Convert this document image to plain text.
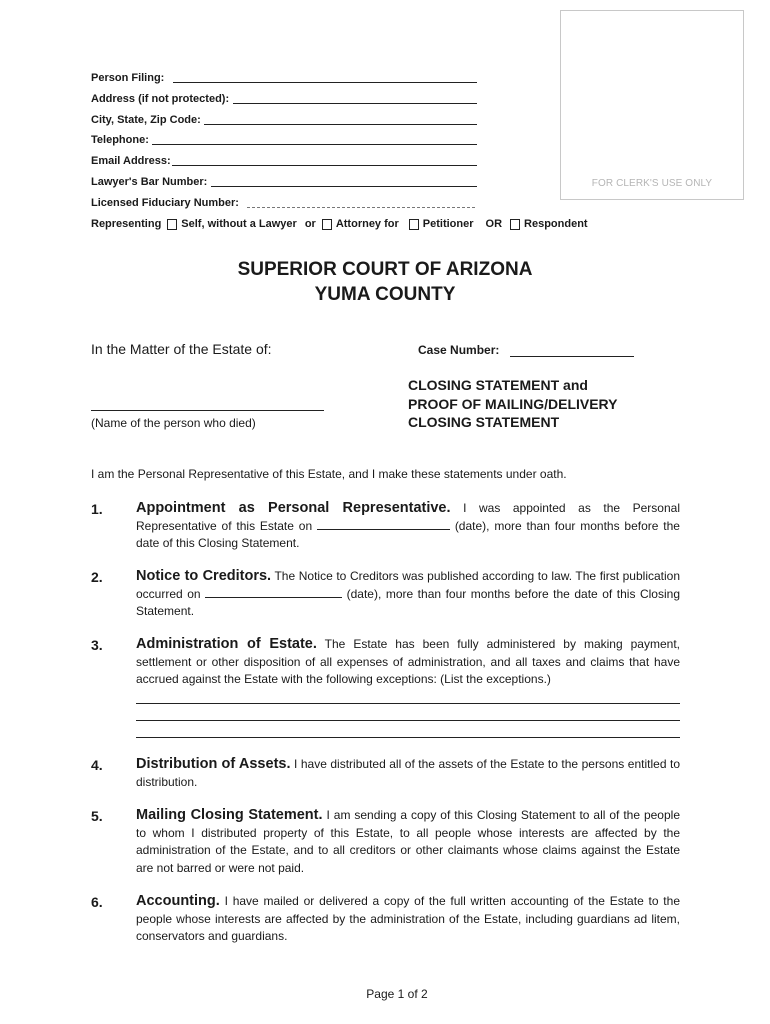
FOR CLERK'S USE ONLY
Person Filing:
Address (if not protected):
City, State, Zip Code:
Telephone:
Email Address:
Lawyer's Bar Number:
Licensed Fiduciary Number:
Representing Self, without a Lawyer or Attorney for Petitioner OR Respondent
SUPERIOR COURT OF ARIZONA
YUMA COUNTY
In the Matter of the Estate of:	Case Number:
(Name of the person who died)
CLOSING STATEMENT and
PROOF OF MAILING/DELIVERY
CLOSING STATEMENT
I am the Personal Representative of this Estate, and I make these statements under oath.
1. Appointment as Personal Representative. I was appointed as the Personal Representative of this Estate on	(date), more than four months before the date of this Closing Statement.
2. Notice to Creditors. The Notice to Creditors was published according to law. The first publication occurred on	(date), more than four months before the date of this Closing Statement.
3. Administration of Estate. The Estate has been fully administered by making payment, settlement or other disposition of all expenses of administration, and all taxes and claims that have accrued against the Estate with the following exceptions: (List the exceptions.)
4. Distribution of Assets. I have distributed all of the assets of the Estate to the persons entitled to distribution.
5. Mailing Closing Statement. I am sending a copy of this Closing Statement to all of the people to whom I distributed property of this Estate, to all people whose interests are affected by the administration of the Estate, and to all creditors or other claimants whose claims against the Estate are not barred or were not paid.
6. Accounting. I have mailed or delivered a copy of the full written accounting of the Estate to the people whose interests are affected by the administration of the Estate, including guardians ad litem, conservators and guardians.
Page 1 of 2
